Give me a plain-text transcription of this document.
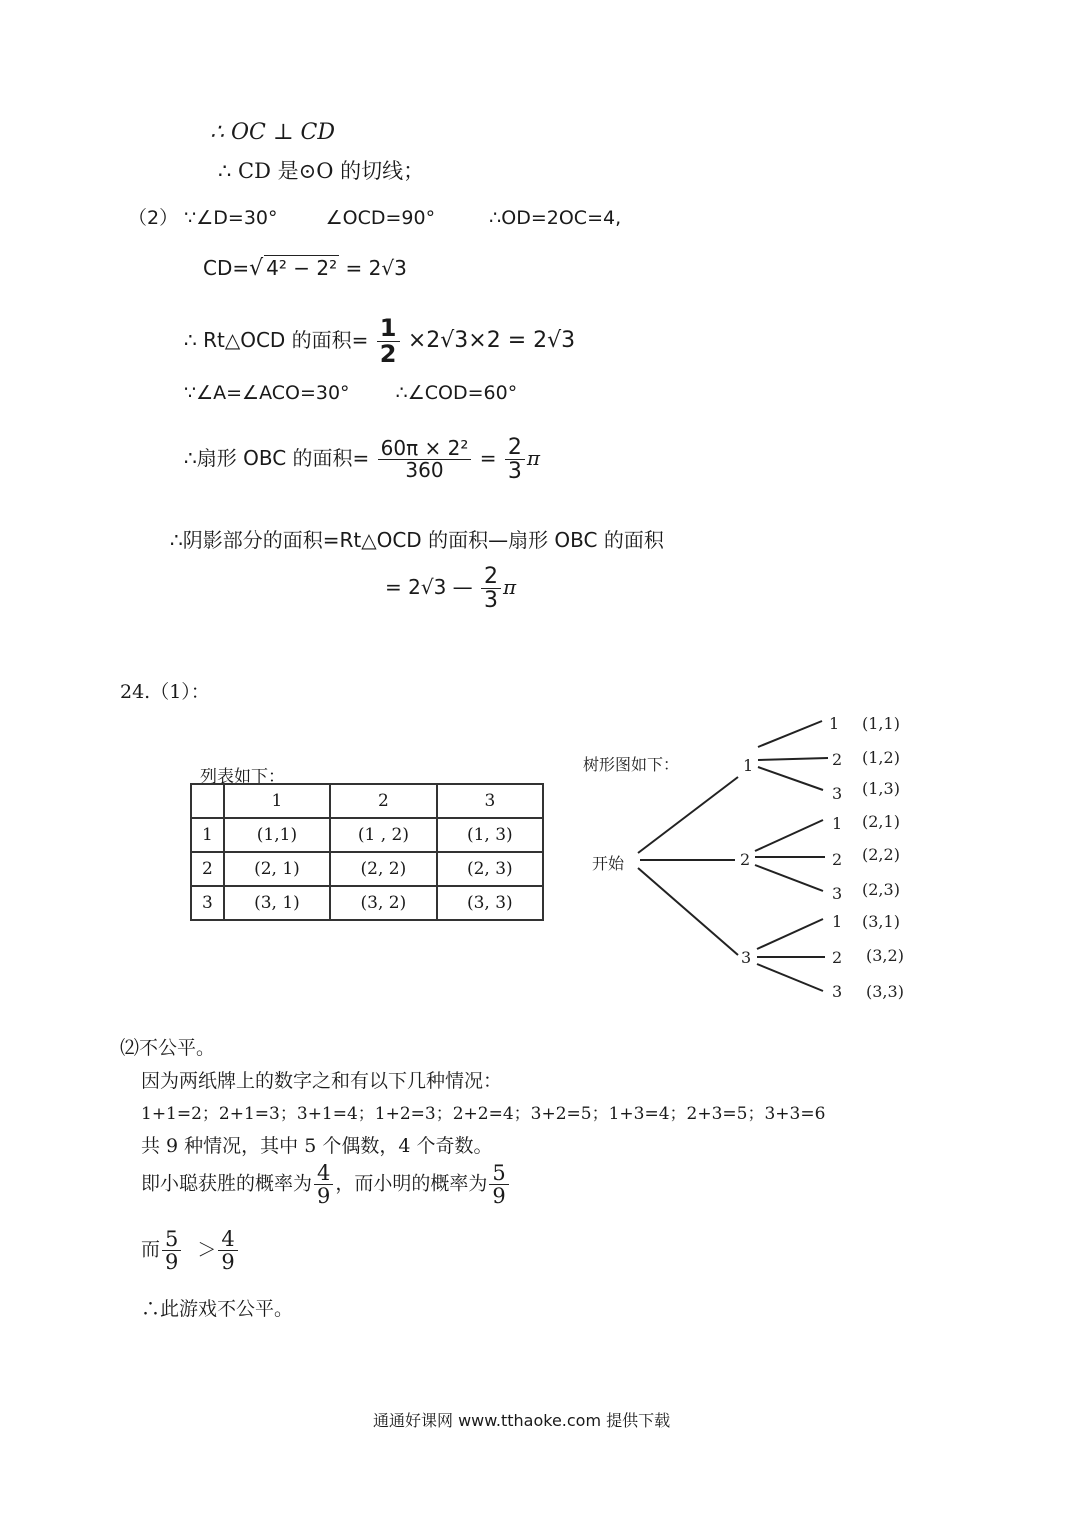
∴ OC ⊥ CD
∴ CD 是⊙O 的切线；
（2） ∵∠D=30°	∠OCD=90°	∴OD=2OC=4,
CD=√ 4² − 2² = 2√3
∴ Rt△OCD 的面积= $\frac{1}{2} \times 2√3\times 2 = 2√3$
∵∠A=∠ACO=30° ∴∠COD=60°
∴扇形 OBC 的面积= $\frac{\text{60π × 2²}}{360} = \frac{2}{3}$ π
∴阴影部分的面积=Rt△OCD 的面积—扇形 OBC 的面积
= 2√3 — $\frac{2}{3}$ π
24.（1）：
列表如下：
	1	2	3
1	(1,1)	(1 , 2)	(1, 3)
2	(2, 1)	(2, 2)	(2, 3)
3	(3, 1)	(3, 2)	(3, 3)
树形图如下：
开始
1
2
3
1
2
3
1
2
3
1
2
3
(1,1)
(1,2)
(1,3)
(2,1)
(2,2)
(2,3)
(3,1)
(3,2)
(3,3)
⑵不公平。
因为两纸牌上的数字之和有以下几种情况：
1+1=2；2+1=3；3+1=4；1+2=3；2+2=4；3+2=5；1+3=4；2+3=5；3+3=6
共 9 种情况，其中 5 个偶数，4 个奇数。
即小聪获胜的概率为 $\frac{4}{9}$ ，而小明的概率为 $\frac{5}{9}$
而 $\frac{5}{9} > \frac{4}{9}$
∴此游戏不公平。
通通好课网 www.tthaoke.com 提供下载
